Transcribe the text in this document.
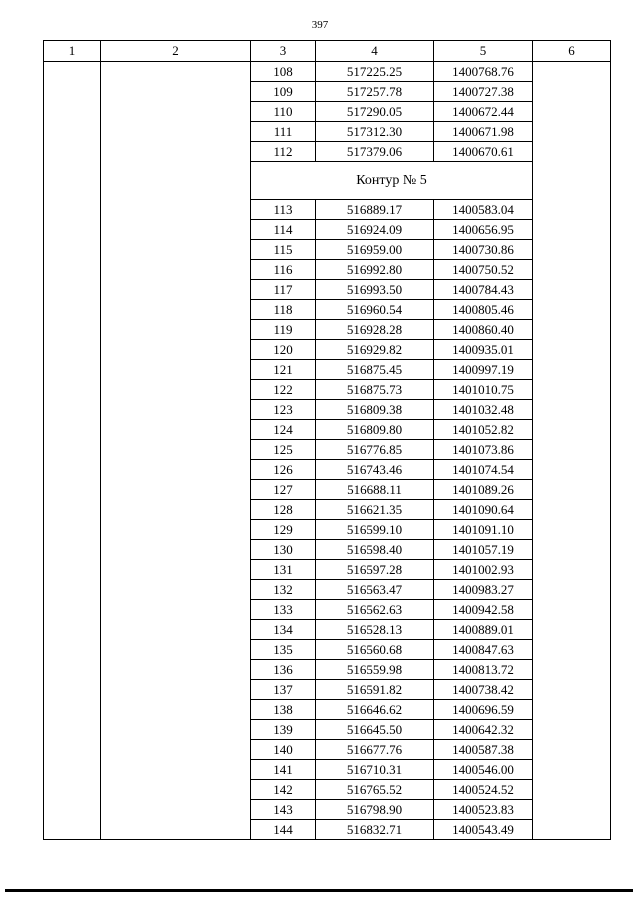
397
1	2	3	4	5	6
		108	517225.25	1400768.76	
		109	517257.78	1400727.38	
		110	517290.05	1400672.44	
		111	517312.30	1400671.98	
		112	517379.06	1400670.61	
		Контур № 5			
		113	516889.17	1400583.04	
		114	516924.09	1400656.95	
		115	516959.00	1400730.86	
		116	516992.80	1400750.52	
		117	516993.50	1400784.43	
		118	516960.54	1400805.46	
		119	516928.28	1400860.40	
		120	516929.82	1400935.01	
		121	516875.45	1400997.19	
		122	516875.73	1401010.75	
		123	516809.38	1401032.48	
		124	516809.80	1401052.82	
		125	516776.85	1401073.86	
		126	516743.46	1401074.54	
		127	516688.11	1401089.26	
		128	516621.35	1401090.64	
		129	516599.10	1401091.10	
		130	516598.40	1401057.19	
		131	516597.28	1401002.93	
		132	516563.47	1400983.27	
		133	516562.63	1400942.58	
		134	516528.13	1400889.01	
		135	516560.68	1400847.63	
		136	516559.98	1400813.72	
		137	516591.82	1400738.42	
		138	516646.62	1400696.59	
		139	516645.50	1400642.32	
		140	516677.76	1400587.38	
		141	516710.31	1400546.00	
		142	516765.52	1400524.52	
		143	516798.90	1400523.83	
		144	516832.71	1400543.49	
